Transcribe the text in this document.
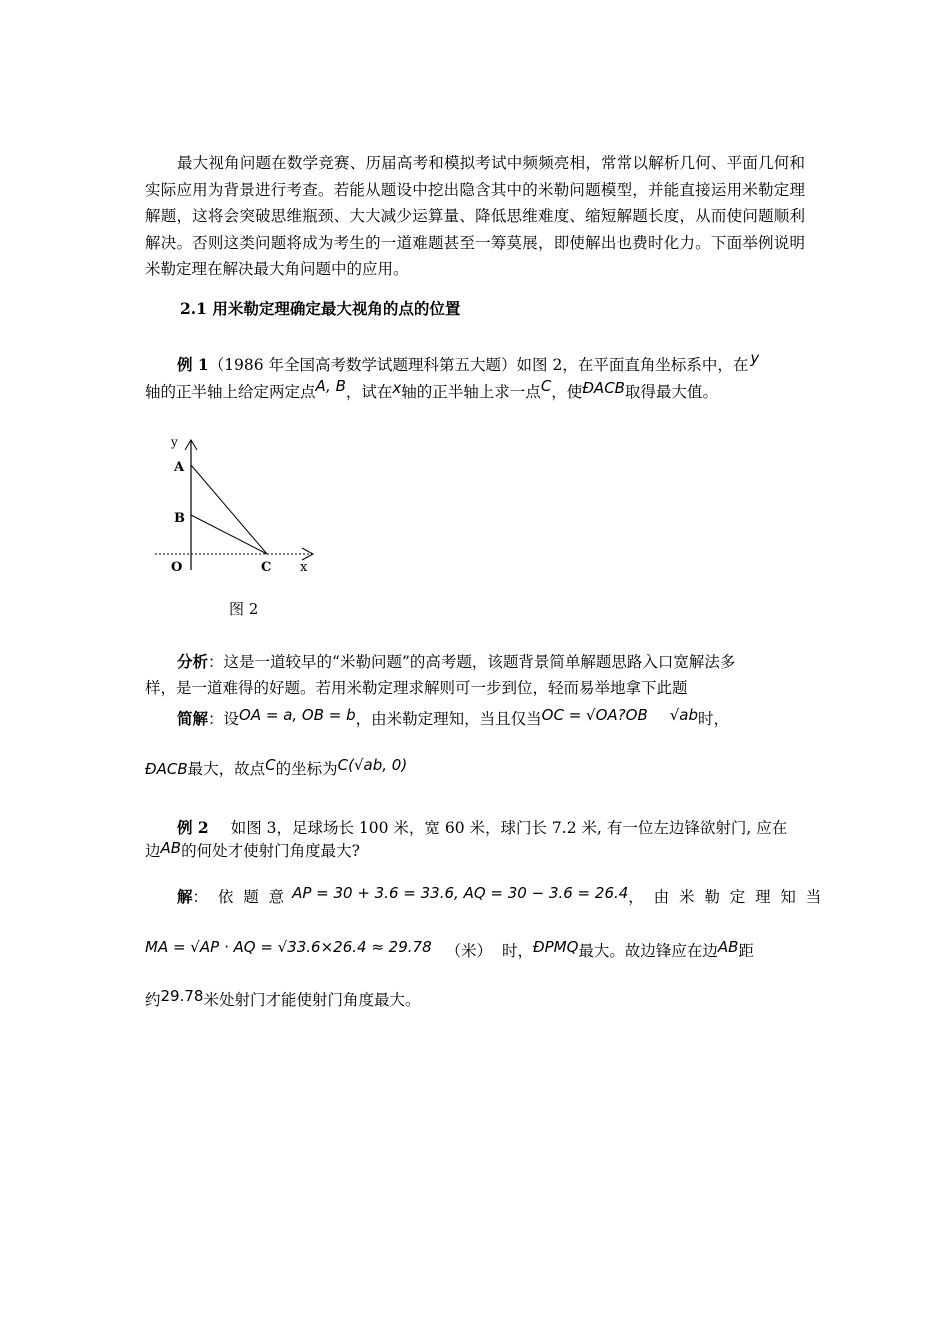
最大视角问题在数学竞赛、历届高考和模拟考试中频频亮相，常常以解析几何、平面几何和实际应用为背景进行考查。若能从题设中挖出隐含其中的米勒问题模型，并能直接运用米勒定理解题，这将会突破思维瓶颈、大大减少运算量、降低思维难度、缩短解题长度，从而使问题顺利解决。否则这类问题将成为考生的一道难题甚至一筹莫展，即使解出也费时化力。下面举例说明米勒定理在解决最大角问题中的应用。
2.1 用米勒定理确定最大视角的点的位置
例 1（1986 年全国高考数学试题理科第五大题）如图 2，在平面直角坐标系中，在 y
轴的正半轴上给定两定点A, B，试在x轴的正半轴上求一点C，使ÐACB取得最大值。
y
A
B
O	C x
图 2
分析：这是一道较早的“米勒问题”的高考题，该题背景简单解题思路入口宽解法多
样，是一道难得的好题。若用米勒定理求解则可一步到位，轻而易举地拿下此题
简解：设OA = a, OB = b，由米勒定理知，当且仅当OC = √OA?OB √ab时，
ÐACB最大，故点C的坐标为C(√ab, 0)
例 2 如图 3，足球场长 100 米，宽 60 米，球门长 7.2 米, 有一位左边锋欲射门, 应在
边AB的何处才使射门角度最大?
解：  依  题  意 AP = 30 + 3.6 = 33.6, AQ = 30 − 3.6 = 26.4，  由  米  勒  定  理  知  当
MA = √AP · AQ = √33.6×26.4 ≈ 29.78 （米）  时，ÐPMQ最大。故边锋应在边AB距
约29.78米处射门才能使射门角度最大。
